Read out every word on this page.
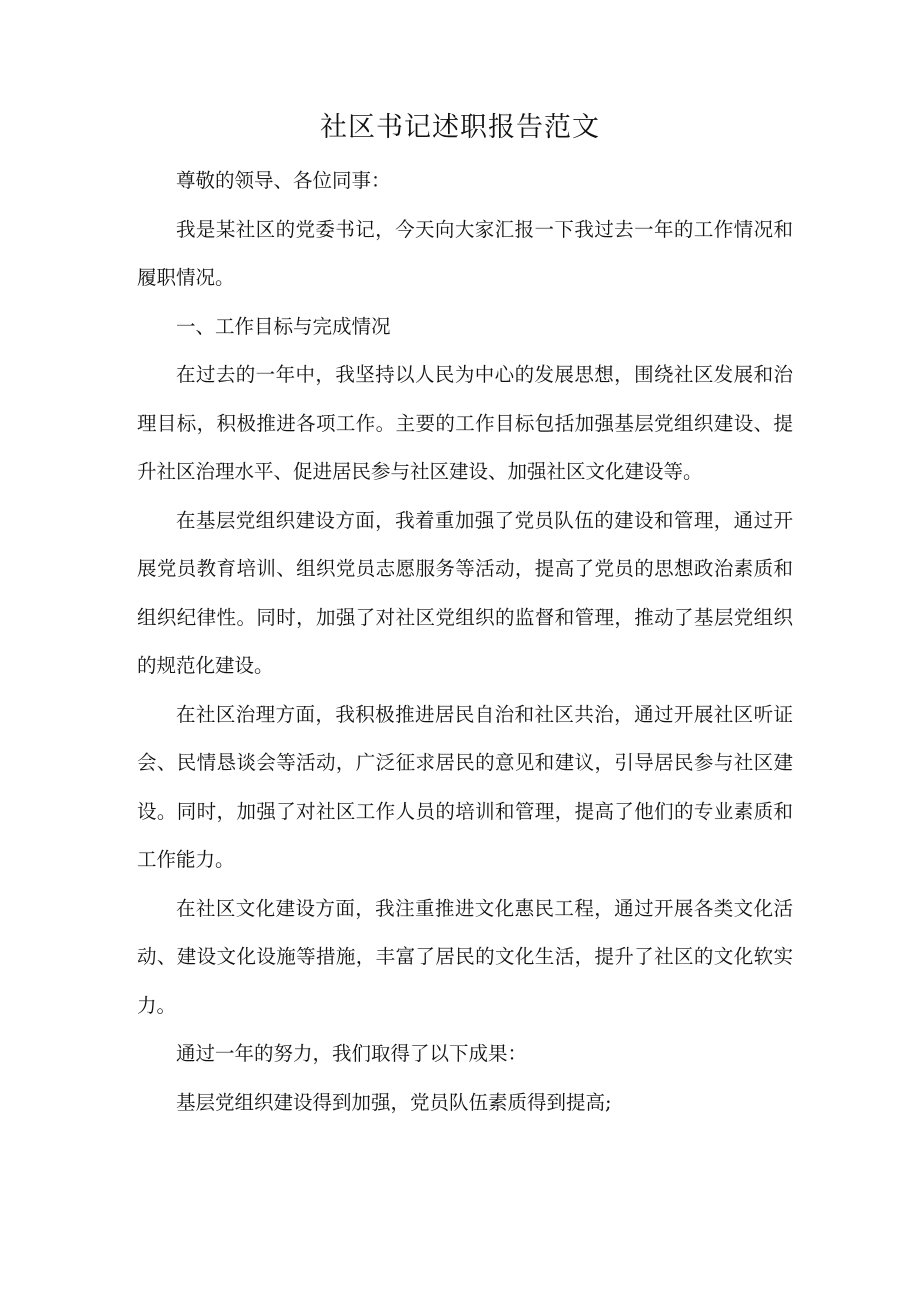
社区书记述职报告范文

尊敬的领导、各位同事：

我是某社区的党委书记，今天向大家汇报一下我过去一年的工作情况和履职情况。

一、工作目标与完成情况

在过去的一年中，我坚持以人民为中心的发展思想，围绕社区发展和治理目标，积极推进各项工作。主要的工作目标包括加强基层党组织建设、提升社区治理水平、促进居民参与社区建设、加强社区文化建设等。

在基层党组织建设方面，我着重加强了党员队伍的建设和管理，通过开展党员教育培训、组织党员志愿服务等活动，提高了党员的思想政治素质和组织纪律性。同时，加强了对社区党组织的监督和管理，推动了基层党组织的规范化建设。

在社区治理方面，我积极推进居民自治和社区共治，通过开展社区听证会、民情恳谈会等活动，广泛征求居民的意见和建议，引导居民参与社区建设。同时，加强了对社区工作人员的培训和管理，提高了他们的专业素质和工作能力。

在社区文化建设方面，我注重推进文化惠民工程，通过开展各类文化活动、建设文化设施等措施，丰富了居民的文化生活，提升了社区的文化软实力。

通过一年的努力，我们取得了以下成果：

基层党组织建设得到加强，党员队伍素质得到提高;
